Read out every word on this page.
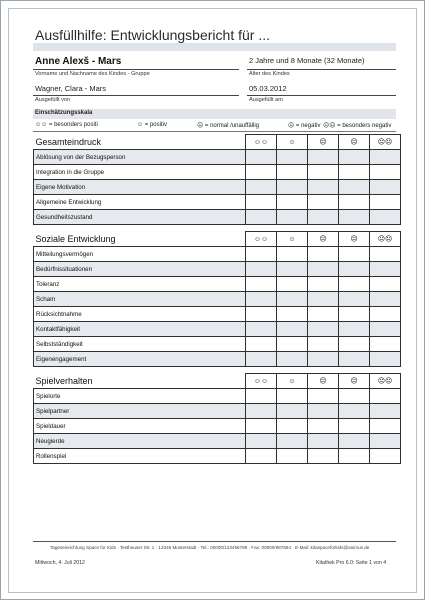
Ausfüllhilfe: Entwicklungsbericht für ...
Anne Alexš - Mars
Vorname und Nachname des Kindes - Gruppe
Wagner, Clara - Mars
Ausgefüllt von
2 Jahre und 8 Monate (32 Monate)
Alter des Kindes
05.03.2012
Ausgefüllt am
Einschätzungsskala
☺☺ = besonders positi	☺ = positiv	☹ = normal /unauffällig	☹ = negativ ☹☹ = besonders negativ
Gesamteindruck	☺☺	☺	☹	☹	☹☹
Ablösung von der Bezugsperson					
Integration in die Gruppe					
Eigene Motivation					
Allgemeine Entwicklung					
Gesundheitszustand					
Soziale Entwicklung	☺☺	☺	☹	☹	☹☹
Mitteilungsvermögen					
Bedürfnissituationen					
Toleranz					
Scham					
Rücksichtnahme					
Kontaktfähigkeit					
Selbstständigkeit					
Eigenengagement					
Spielverhalten	☺☺	☺	☹	☹	☹☹
Spielorte					
Spielpartner					
Spieldauer					
Neugierde					
Rollenspiel					
Tageseinrichtung Space for Kids · Testheuser Str. 1 · 12345 Musterstadt · Tel.: 00000/123456789 · Fax: 00000/987654 · E-Mail: kitaspaceforkids@animus.de
Mittwoch, 4. Juli 2012	Kitathek Pro 6.0: Seite 1 von 4
